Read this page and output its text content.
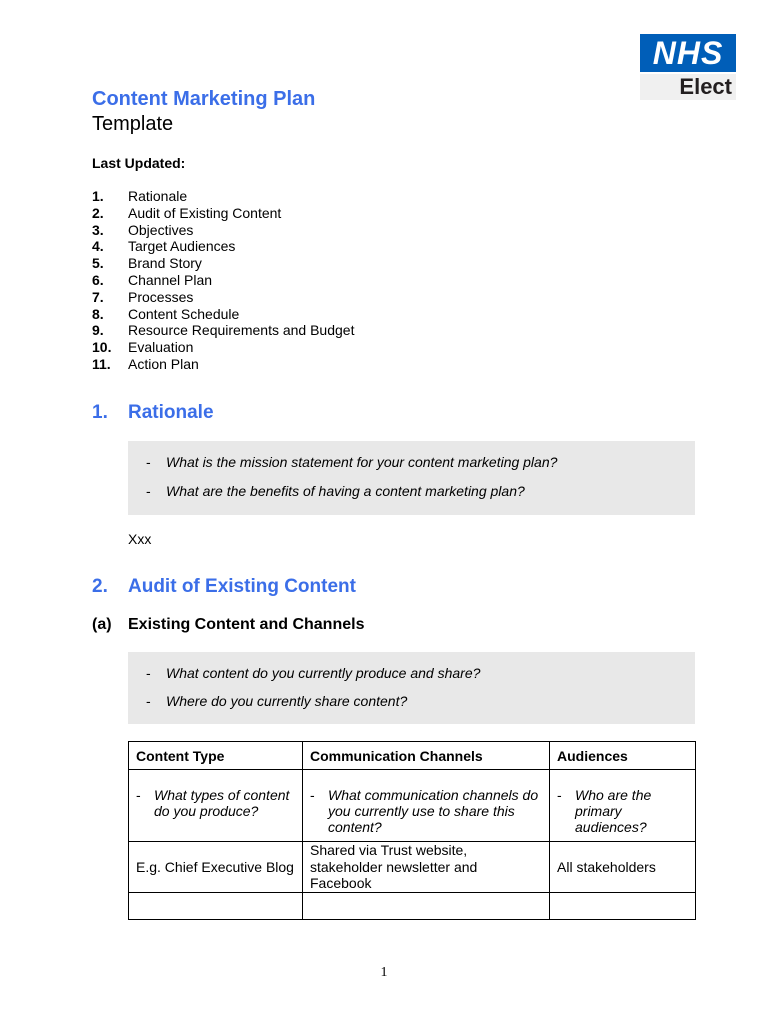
NHS
Elect
Content Marketing Plan
Template
Last Updated:
1. Rationale
2. Audit of Existing Content
3. Objectives
4. Target Audiences
5. Brand Story
6. Channel Plan
7. Processes
8. Content Schedule
9. Resource Requirements and Budget
10. Evaluation
11. Action Plan
1. Rationale
- What is the mission statement for your content marketing plan?
- What are the benefits of having a content marketing plan?
Xxx
2. Audit of Existing Content
(a) Existing Content and Channels
- What content do you currently produce and share?
- Where do you currently share content?
Content Type	Communication Channels	Audiences

- What types of content do you produce?	- What communication channels do you currently use to share this content?	- Who are the primary audiences?

E.g. Chief Executive Blog	Shared via Trust website, stakeholder newsletter and Facebook	All stakeholders

1
